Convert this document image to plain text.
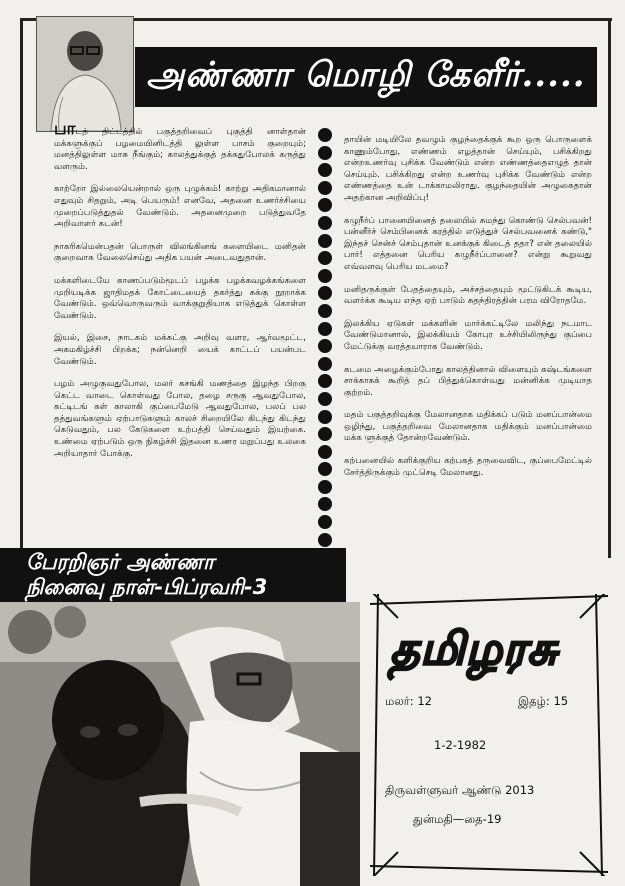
அண்ணா மொழி கேளீர்.....

பாடத் திட்டத்தில் பகுத்தறிவைப் புகுத்தி னாள்தான் மக்களுக்குப் பழமையினிடத்தி லுள்ள பாசம் குறையும்; மனத்திலுள்ள மாசு நீங்கும்; காலத்துக்குத் தக்கதுபோலக் கருத்து வளரும்.

காற்றோ இல்லையென்றால் ஒரு புழுக்கம்! காற்று அதிகமானால் எதுவும் சிதறும், அடி பெயரும்! எனவே, அதனை உணர்ச்சியை முறைப்படுத்துதல் வேண்டும். அதனைமுறை படுத்துவதே அறிவாளர் கடன்!

நாகரிகமென்பதன் பொருள் விலங்கினங் களையிடை மனிதன் குறைவாக வேலைசெய்து அதிக பயன் அடைவதுதான்.

மக்களிடையே காணப்படும்மூடப் பழக்க பழக்கவழக்கங்களை முறியடிக்க ஜாதிமதக் கோட்டையைத் தகர்த்து சுக்கு நூறாக்க வேண்டும். ஒவ்வொருவரும் வாக்குறுதியாக எடுத்துக் கொள்ள வேண்டும்.

இயல், இசை, நாடகம் மக்கட்கு அறிவு வளர, ஆர்வமூட்ட, அகமகிழ்ச்சி பிறக்க; நன்னெறி யைக் காட்டப் பயன்பட வேண்டும்.

பழம் அழுகுவதுபோல, மலர் கசங்கி மணத்தை இழந்த பிறகு கெட்ட வாடை கொள்வது போல, தழை சருகு ஆவதுபோல, கட்டிடங் கள் காலாகி குப்பைமேடு ஆவதுபோல, பலப் பல தத்துவங்களும் ஏற்பாடுகளும் காலச் சிறையிலே கிடந்து கிடந்து கெடுவதும், பல கேடுகளை உற்பத்தி செய்வதும் இயற்கை. உண்மை ஏற்படும் ஒரு நிகழ்ச்சி இதனை உணர மறுப்பது உலகை அறியாதார் போக்கு.

தாயின் மடியிலே தவழும் குழந்தைக்குக் கூற ஒரு பொருளைக் காணும்போது, எண்ணம் எழத்தான் செய்யும், பசிக்கிறது என்றஉணர்வு புசிக்க வேண்டும் என்ற எண்ணத்தைஎழுத் தான் செய்யும். பசிக்கிறது என்ற உணர்வு புசிக்க வேண்டும் என்ற எண்ணத்தை உன் டாக்காமலிராது. குழந்தையின் அழுகைதான் அதற்கான அறிவிப்பு!

கழுநீர்ப் பானையினைத் தலையில் சுமந்து கொண்டு செல்பவன்! பன்னீர்ச் செம்பினைக் கரத்தில் எடுத்துச் செல்பவனைக் கண்டு," இந்தச் சென்ச் செம்புதான் உனக்குக் கிடைத் ததா? என் தலையில் பார்! எத்தனை பெரிய கழுநீர்ப்பானை? என்று கூறுவது எவ்வளவு பெரிய மடமை?

மனிதருக்குள் பேதத்தையும், அச்சத்தையும் மூட்டுகிடக் கூடிய, வளர்க்க கூடிய எந்த ஏற் பாடும் சுதந்திரத்தின் பரம விரோதமே.

இலக்கிய ஏடுகள் மக்களின் மார்க்கட்டிலே மலிந்து நடமாட வேண்டுமானால், இலக்கியம் கோபுர உச்சியிலிருந்து குப்பை மேட்டுக்கு வரத்தயாராக வேண்டும்.

கடமை அழைக்கும்போது காலத்தினால் விளையும் கஷ்டங்களை சாக்காகக் கூறித் தப் பித்துக்கொள்வது மன்னிக்க முடியாத குற்றம்.

மதம் பகுத்தறிவுக்கு மேலானதாக மதிக்கப் படும் மனப்பான்மை ஒழிந்து, பகுத்தறிவை மேலானதாக மதிக்கும் மனப்பான்மை மக்க ளுக்குத் தோன்றவேண்டும்.

கற்பனையில் களிக்குறிய கற்பகத் தருவைவிட, குப்பைமேட்டில் சேர்த்திருக்கும் முட்செடி மேலானது.

பேரறிஞர் அண்ணா
நினைவு நாள்-பிப்ரவரி-3
தமிழரசு
மலர்: 12	இதழ்: 15
1-2-1982
திருவள்ளுவர் ஆண்டு 2013
துன்மதி—தை-19
